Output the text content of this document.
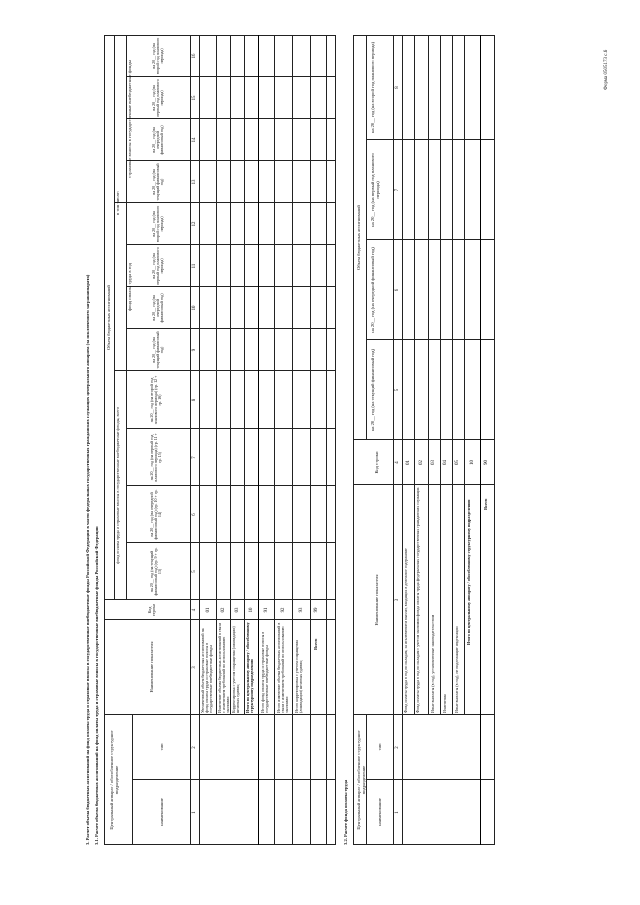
Форма 0505173 с.6
3. Расчет объема бюджетных ассигнований на фонд оплаты труда и страховые взносы в государственные внебюджетные фонды Российской Федерации в части федеральных государственных гражданских служащих центрального аппарата (за исключением загранаппарата) 3.1. Расчет объема бюджетных ассигнований на фонд оплаты труда и страховые взносы в государственные внебюджетные фонды Российской Федерации Центральный аппарат / обособленное структурное подразделение
наименование
тип
Наименование показателя
Код строки
Объем бюджетных ассигнований
фонд оплаты труда и страховые взносы в государственные внебюджетные фонды, всего
в том числе:
фонд оплаты труда в год
страховые взносы в государственные внебюджетные фонды
на 20__ год (на текущий финансовый год) (гр. 9 + гр. 13)
на 20__ год (на очередной финансовый год) (гр. 10 + гр. 14)
на 20__ год (на первый год планового периода) (гр. 11 + гр. 15)
на 20__ год (на второй год планового периода) (гр. 12 + гр. 16)
на 20__ год (на текущий финансовый год)
на 20__ год (на очередной финансовый год)
на 20__ год (на первый год планового периода)
на 20__ год (на второй год планового периода)
на 20__ год (на текущий финансовый год)
на 20__ год (на очередной финансовый год)
на 20__ год (на первый год планового периода)
на 20__ год (на второй год планового периода)
1
2
3
4
5
6
7
8
9
10
11
12
13
14
15
16
Увеличенный объем бюджетных ассигнований на фонд оплаты труда и страховые взносы в государственные внебюджетные фонды
01
Изменение объема бюджетных ассигнований в связи с изменением требований по использованию экономии
02
Корректировка с учетом сокращения (ликвидации) штатных единиц
03
Итого по центральному аппарату / обособленному структурному подразделению
10
Итого фонд оплаты труда и страховые взносы в государственные внебюджетные фонды
91
Итого изменение объема бюджетных ассигнований в связи с изменением требований по использованию экономии
92
Итого корректировка с учетом сокращения (ликвидации) штатных единиц
93
Всего
99
3.2. Расчет фонда оплаты труда Центральный аппарат / обособленное структурное подразделение
наименование
тип
Наименование показателя
Код строки
Объем бюджетных ассигнований
на 20__ год (на текущий финансовый год)
на 20__ год (на очередной финансовый год)
на 20__ год (на первый год планового периода)
на 20__ год (на второй год планового периода)
1
2
3
4
5
6
7
8
Фонд оплаты труда в год по окладам, за исключением выплат, входящих в денежное содержание
01
Фонд оплаты труда в год по окладам с учетом экономии фонда оплаты труда федеральных государственных гражданских служащих
02
Иные выплаты (в год), установленные законодательством
03
Изменения
04
Иные выплаты (в год), не подлежащие индексации
05
Итого по центральному аппарату / обособленному структурному подразделению
10
Всего
90
